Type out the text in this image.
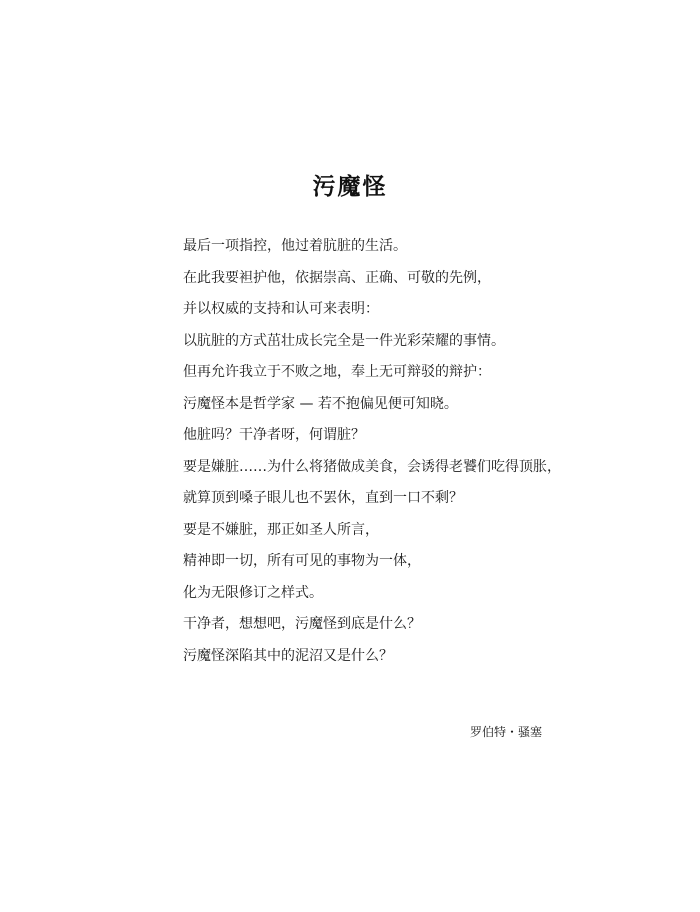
污魔怪
最后一项指控，他过着肮脏的生活。
在此我要袒护他，依据崇高、正确、可敬的先例，
并以权威的支持和认可来表明：
以肮脏的方式茁壮成长完全是一件光彩荣耀的事情。
但再允许我立于不败之地，奉上无可辩驳的辩护：
污魔怪本是哲学家 — 若不抱偏见便可知晓。
他脏吗？干净者呀，何谓脏？
要是嫌脏……为什么将猪做成美食，会诱得老饕们吃得顶胀，
就算顶到嗓子眼儿也不罢休，直到一口不剩？
要是不嫌脏，那正如圣人所言，
精神即一切，所有可见的事物为一体，
化为无限修订之样式。
干净者，想想吧，污魔怪到底是什么？
污魔怪深陷其中的泥沼又是什么？
罗伯特・骚塞
